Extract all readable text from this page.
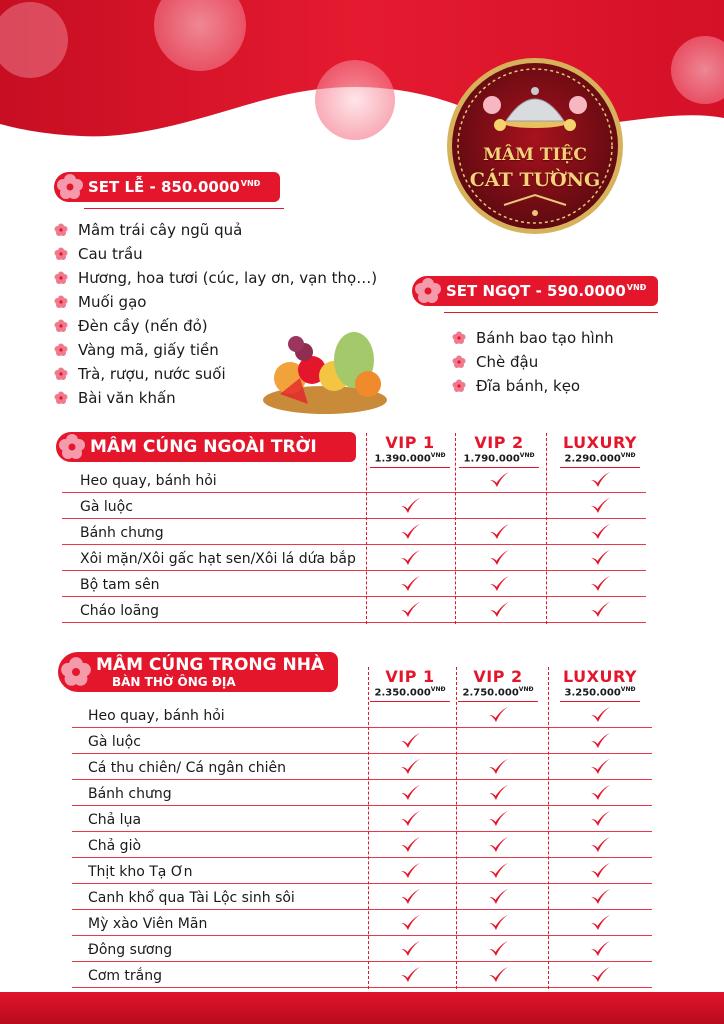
MÂM TIỆC
CÁT TƯỜNG
SET LỄ - $850.0000^{VNĐ}$
Mâm trái cây ngũ quả
Cau trầu
Hương, hoa tươi (cúc, lay ơn, vạn thọ…)
Muối gạo
Đèn cầy (nến đỏ)
Vàng mã, giấy tiền
Trà, rượu, nước suối
Bài văn khấn
SET NGỌT - $590.0000^{VNĐ}$
Bánh bao tạo hình
Chè đậu
Đĩa bánh, kẹo
MÂM CÚNG NGOÀI TRỜI	VIP 1
$1.390.000^{VNĐ}$
VIP 2
$1.790.000^{VNĐ}$
LUXURY
$2.290.000^{VNĐ}$
Heo quay, bánh hỏi
Gà luộc
Bánh chưng
Xôi mặn/Xôi gấc hạt sen/Xôi lá dứa bắp
Bộ tam sên
Cháo loãng
MÂM CÚNG TRONG NHÀ
BÀN THỜ ÔNG ĐỊA	VIP 1
$2.350.000^{VNĐ}$
VIP 2
$2.750.000^{VNĐ}$
LUXURY
$3.250.000^{VNĐ}$
Heo quay, bánh hỏi
Gà luộc
Cá thu chiên/ Cá ngân chiên
Bánh chưng
Chả lụa
Chả giò
Thịt kho Tạ Ơn
Canh khổ qua Tài Lộc sinh sôi
Mỳ xào Viên Mãn
Đông sương
Cơm trắng
